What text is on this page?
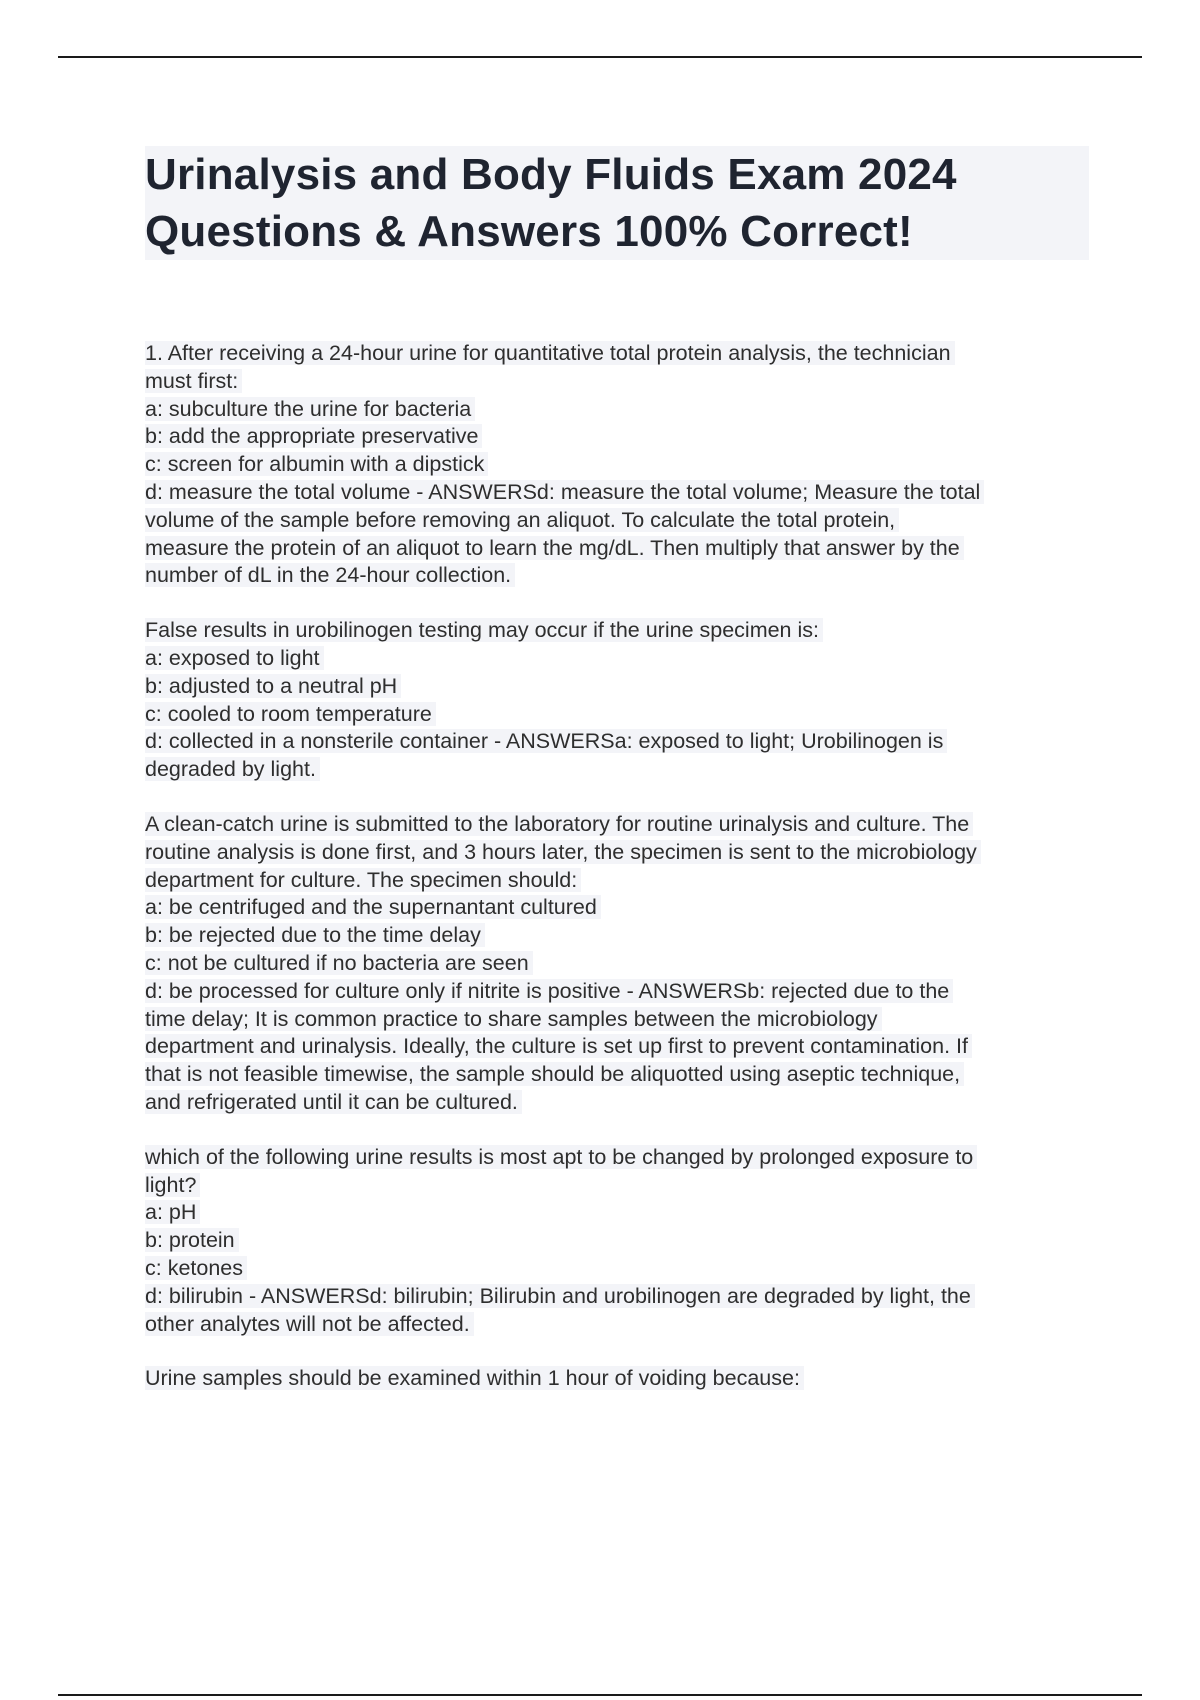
Urinalysis and Body Fluids Exam 2024
Questions & Answers 100% Correct!
1. After receiving a 24-hour urine for quantitative total protein analysis, the technician
must first:
a: subculture the urine for bacteria
b: add the appropriate preservative
c: screen for albumin with a dipstick
d: measure the total volume - ANSWERSd: measure the total volume; Measure the total
volume of the sample before removing an aliquot. To calculate the total protein,
measure the protein of an aliquot to learn the mg/dL. Then multiply that answer by the
number of dL in the 24-hour collection.
False results in urobilinogen testing may occur if the urine specimen is:
a: exposed to light
b: adjusted to a neutral pH
c: cooled to room temperature
d: collected in a nonsterile container - ANSWERSa: exposed to light; Urobilinogen is
degraded by light.
A clean-catch urine is submitted to the laboratory for routine urinalysis and culture. The
routine analysis is done first, and 3 hours later, the specimen is sent to the microbiology
department for culture. The specimen should:
a: be centrifuged and the supernantant cultured
b: be rejected due to the time delay
c: not be cultured if no bacteria are seen
d: be processed for culture only if nitrite is positive - ANSWERSb: rejected due to the
time delay; It is common practice to share samples between the microbiology
department and urinalysis. Ideally, the culture is set up first to prevent contamination. If
that is not feasible timewise, the sample should be aliquotted using aseptic technique,
and refrigerated until it can be cultured.
which of the following urine results is most apt to be changed by prolonged exposure to
light?
a: pH
b: protein
c: ketones
d: bilirubin - ANSWERSd: bilirubin; Bilirubin and urobilinogen are degraded by light, the
other analytes will not be affected.
Urine samples should be examined within 1 hour of voiding because:
